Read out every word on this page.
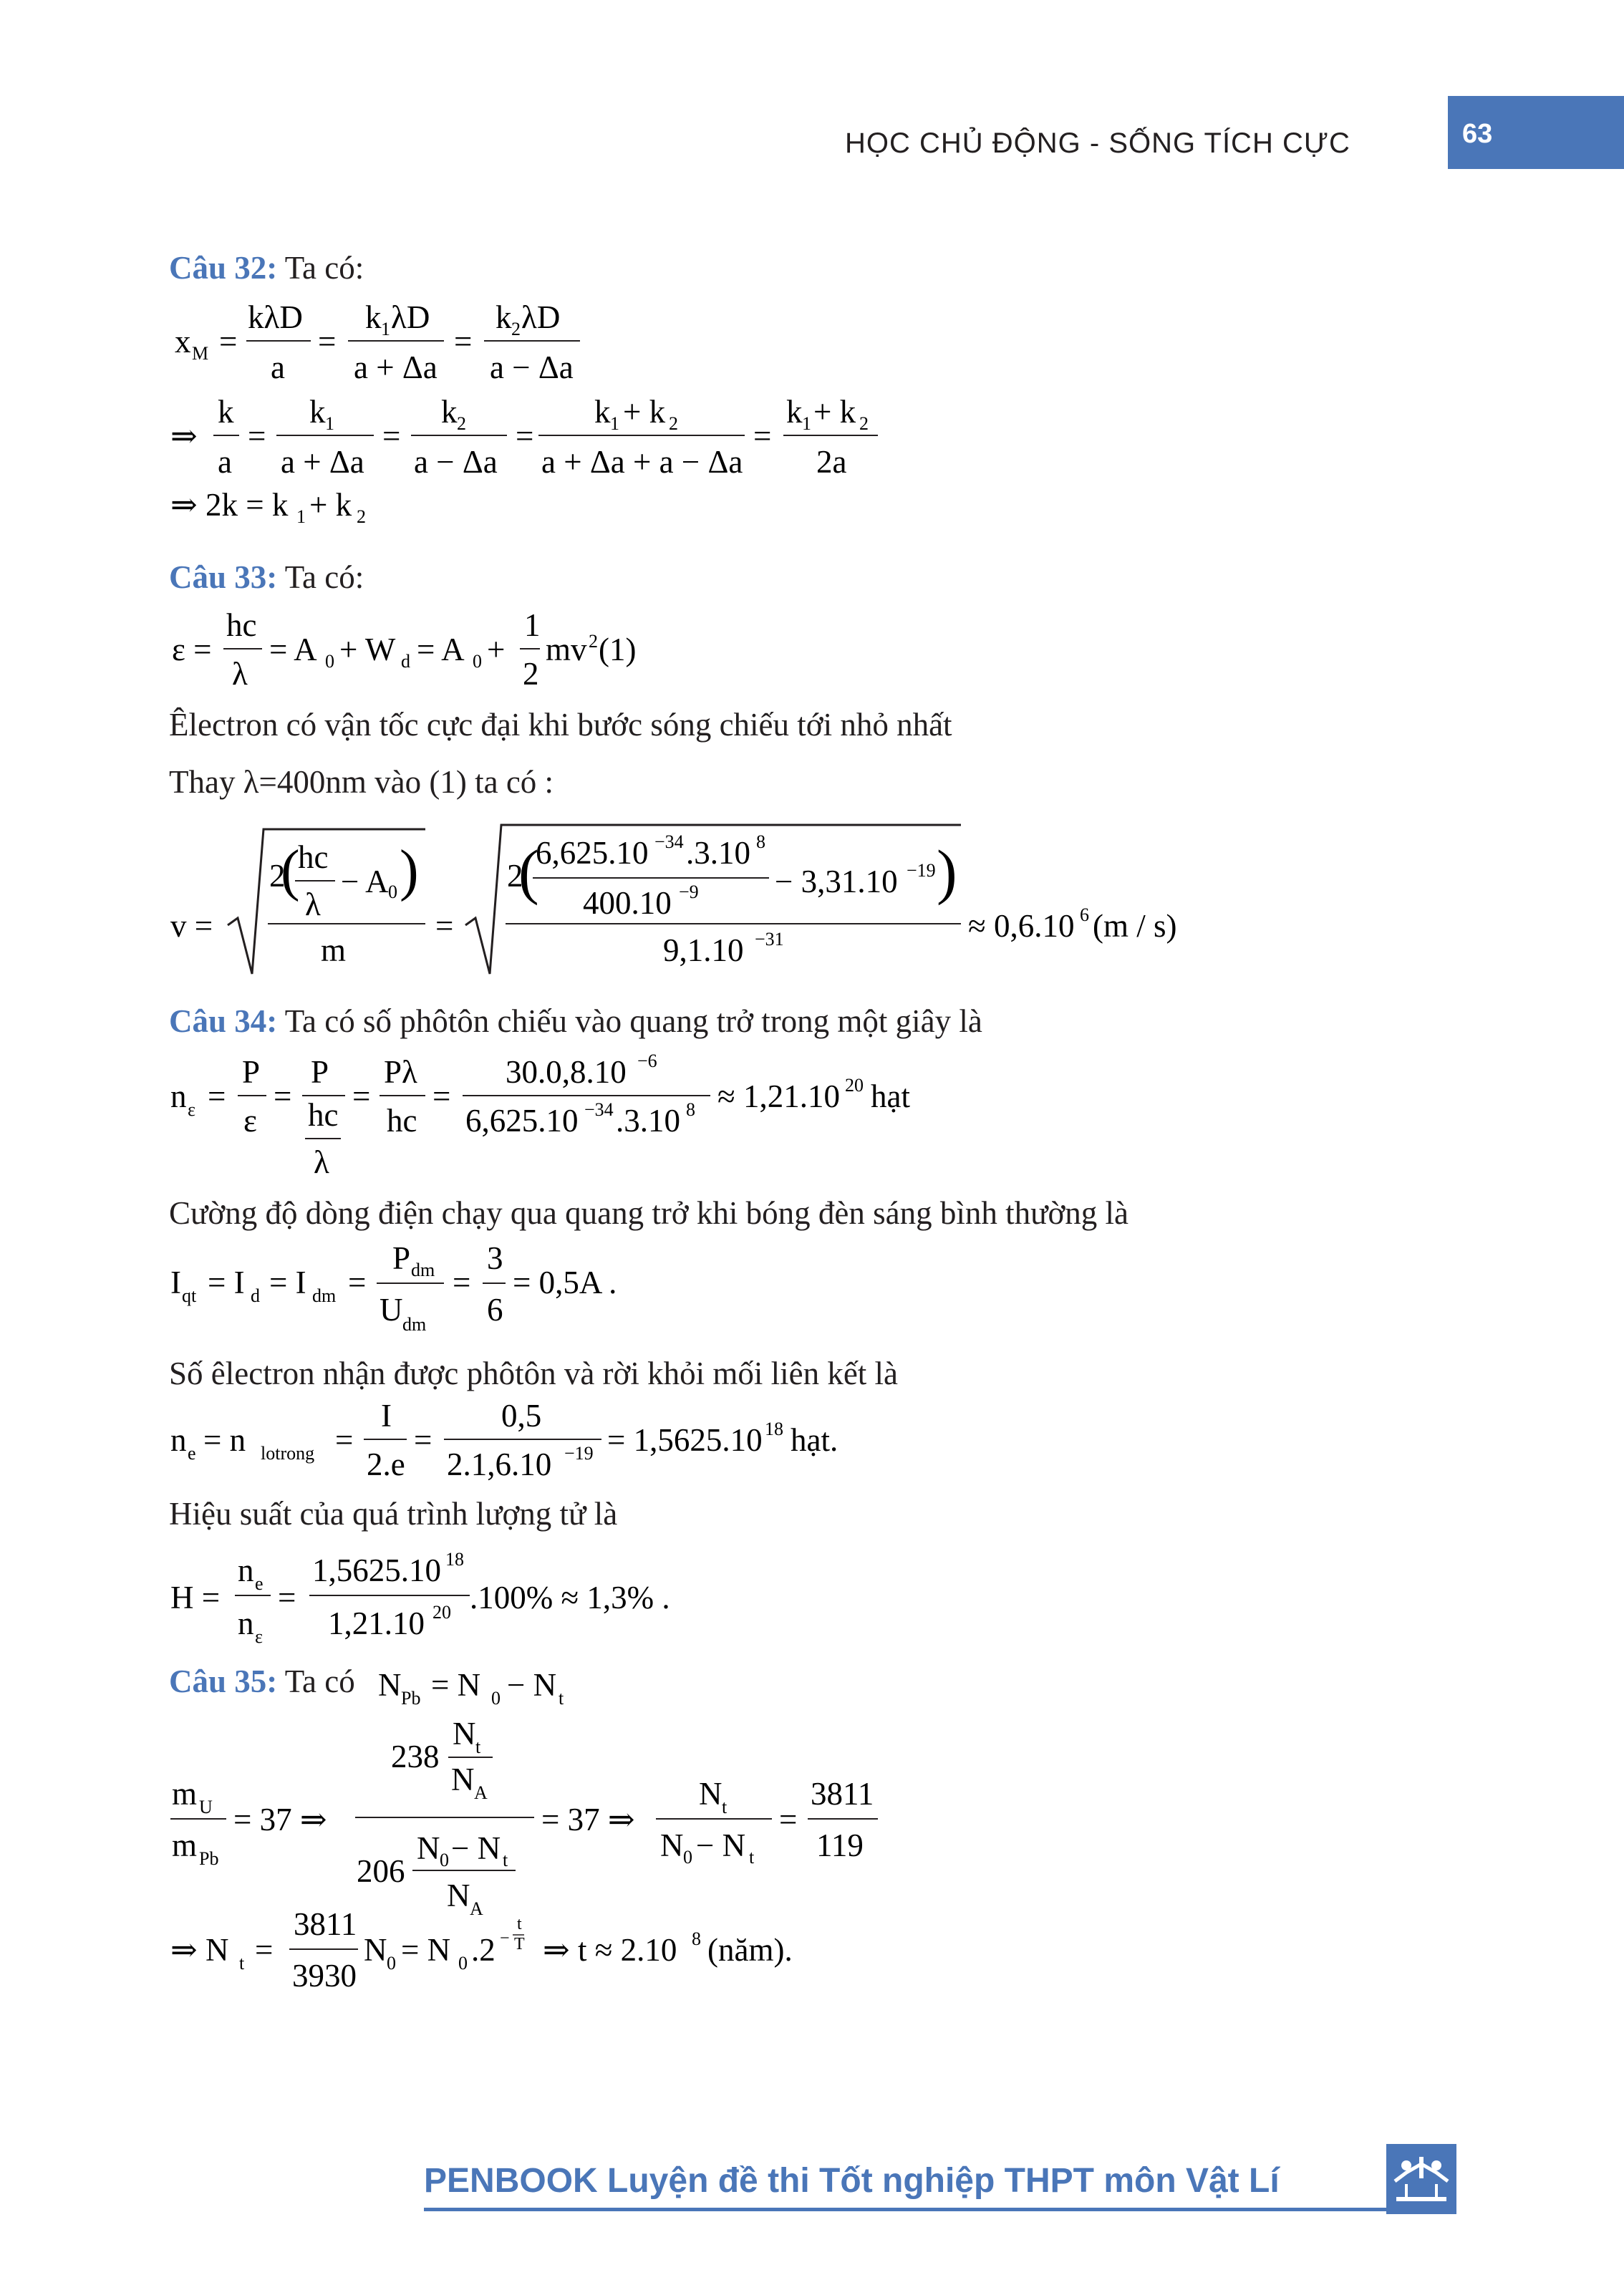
HỌC CHỦ ĐỘNG - SỐNG TÍCH CỰC	63
Câu 32: Ta có:
x M =
kλD
a
=
k 1 λD
a + Δa
=
k 2 λD
a − Δa
⇒
k
a
=
k 1
a + Δa
=
k 2
a − Δa
=
k 1 + k 2
a + Δa + a − Δa
=
k 1 + k 2
2a
⇒ 2k = k 1 + k 2
Câu 33: Ta có:
ε =
hc
λ
= A 0 + W d = A 0 +
1
2
mv 2 (1)
Êlectron có vận tốc cực đại khi bước sóng chiếu tới nhỏ nhất
Thay λ=400nm vào (1) ta có :
v =
2
(
hc
λ
− A 0 )
m
=
2
(
6,625.10 −34 .3.10 8
400.10 −9 − 3,31.10 −19 )
9,1.10 −31	≈ 0,6.10 6 (m / s)
Câu 34: Ta có số phôtôn chiếu vào quang trở trong một giây là
n ε =
P
ε
=
P
hc
λ
=
Pλ
hc
=
30.0,8.10 −6
6,625.10 −34 .3.10 8 ≈ 1,21.10 20 hạt
Cường độ dòng điện chạy qua quang trở khi bóng đèn sáng bình thường là
I qt = I d = I dm =
P dm
U dm
=
3
6
= 0,5A .
Số êlectron nhận được phôtôn và rời khỏi mối liên kết là
n e = n lotrong =
I
2.e
=
0,5
2.1,6.10 −19 = 1,5625.10 18 hạt.
Hiệu suất của quá trình lượng tử là
H =
n e
n ε
=
1,5625.10 18
1,21.10 20 .100% ≈ 1,3% .
Câu 35: Ta có N Pb = N 0 − N t
m U
m Pb
= 37 ⇒
238
N t
N A
206
N 0 − N t
N A
= 37 ⇒
N t
N 0 − N t
=
3811
119
⇒ N t =
3811
3930
N 0 = N 0 .2 −
t
T ⇒ t ≈ 2.10 8 (năm).
PENBOOK Luyện đề thi Tốt nghiệp THPT môn Vật Lí
